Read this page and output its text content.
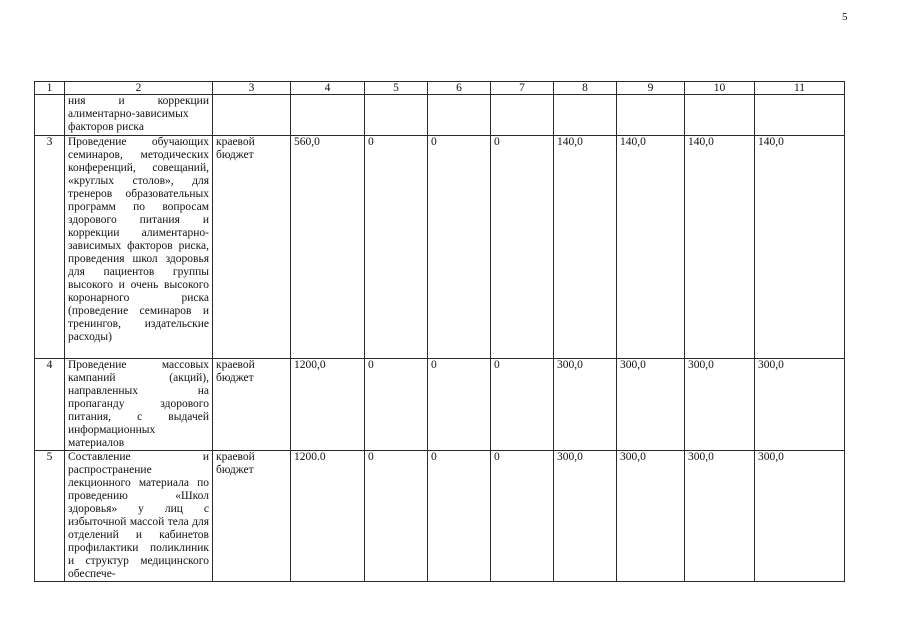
5
1	2	3	4	5	6	7	8	9	10	11
	ния и коррекции алиментарно-зависимых факторов риска									
3	Проведение обучающих семинаров, методических конференций, совещаний, «круглых столов», для тренеров образовательных программ по вопросам здорового питания и коррекции алиментарно-зависимых факторов риска, проведения школ здоровья для пациентов группы высокого и очень высокого коронарного риска (проведение семинаров и тренингов, издательские расходы)	краевой бюджет	560,0	0	0	0	140,0	140,0	140,0	140,0
4	Проведение массовых кампаний (акций), направленных на пропаганду здорового питания, с выдачей информационных материалов	краевой бюджет	1200,0	0	0	0	300,0	300,0	300,0	300,0
5	Составление и распространение лекционного материала по проведению «Школ здоровья» у лиц с избыточной массой тела для отделений и кабинетов профилактики поликлиник и структур медицинского обеспече-	краевой бюджет	1200.0	0	0	0	300,0	300,0	300,0	300,0
